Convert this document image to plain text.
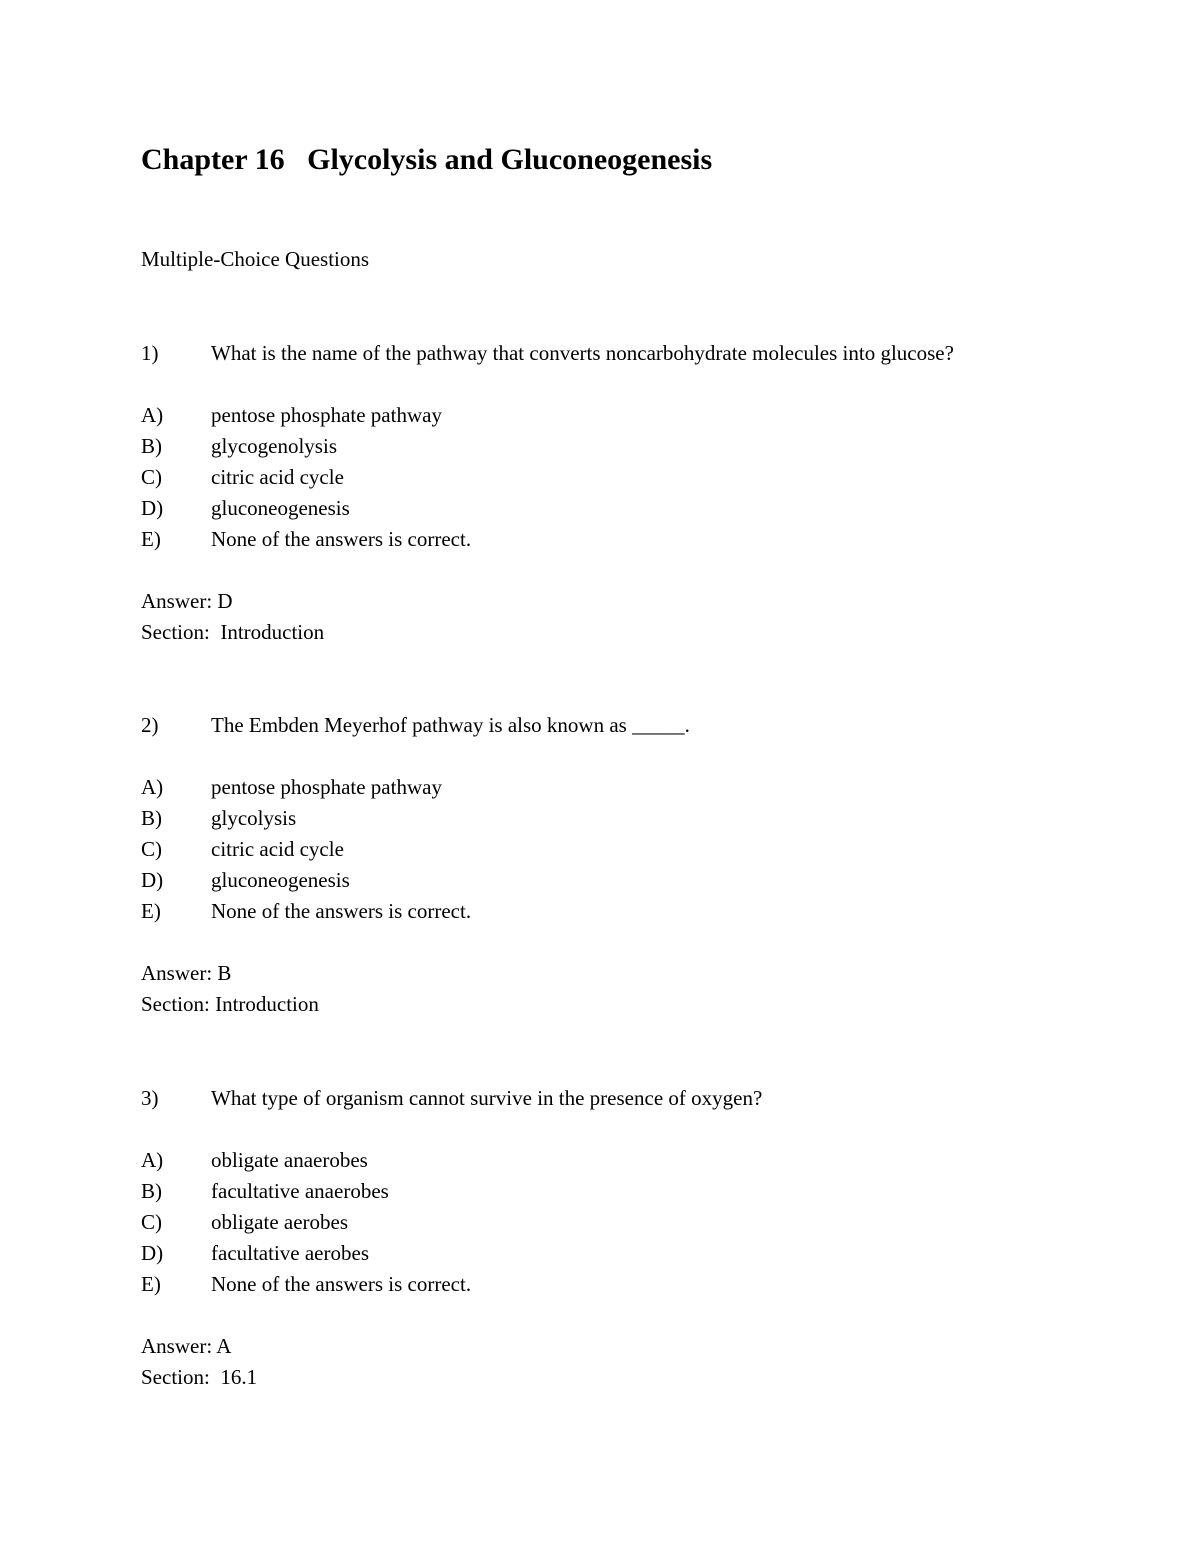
Chapter 16   Glycolysis and Gluconeogenesis

Multiple-Choice Questions

1)	What is the name of the pathway that converts noncarbohydrate molecules into glucose?
A) pentose phosphate pathway
B) glycogenolysis
C) citric acid cycle
D) gluconeogenesis
E) None of the answers is correct.
Answer: D
Section:  Introduction
2)	The Embden Meyerhof pathway is also known as _____.
A) pentose phosphate pathway
B) glycolysis
C) citric acid cycle
D) gluconeogenesis
E) None of the answers is correct.
Answer: B
Section: Introduction
3)	What type of organism cannot survive in the presence of oxygen?
A) obligate anaerobes
B) facultative anaerobes
C) obligate aerobes
D) facultative aerobes
E) None of the answers is correct.
Answer: A
Section:  16.1
